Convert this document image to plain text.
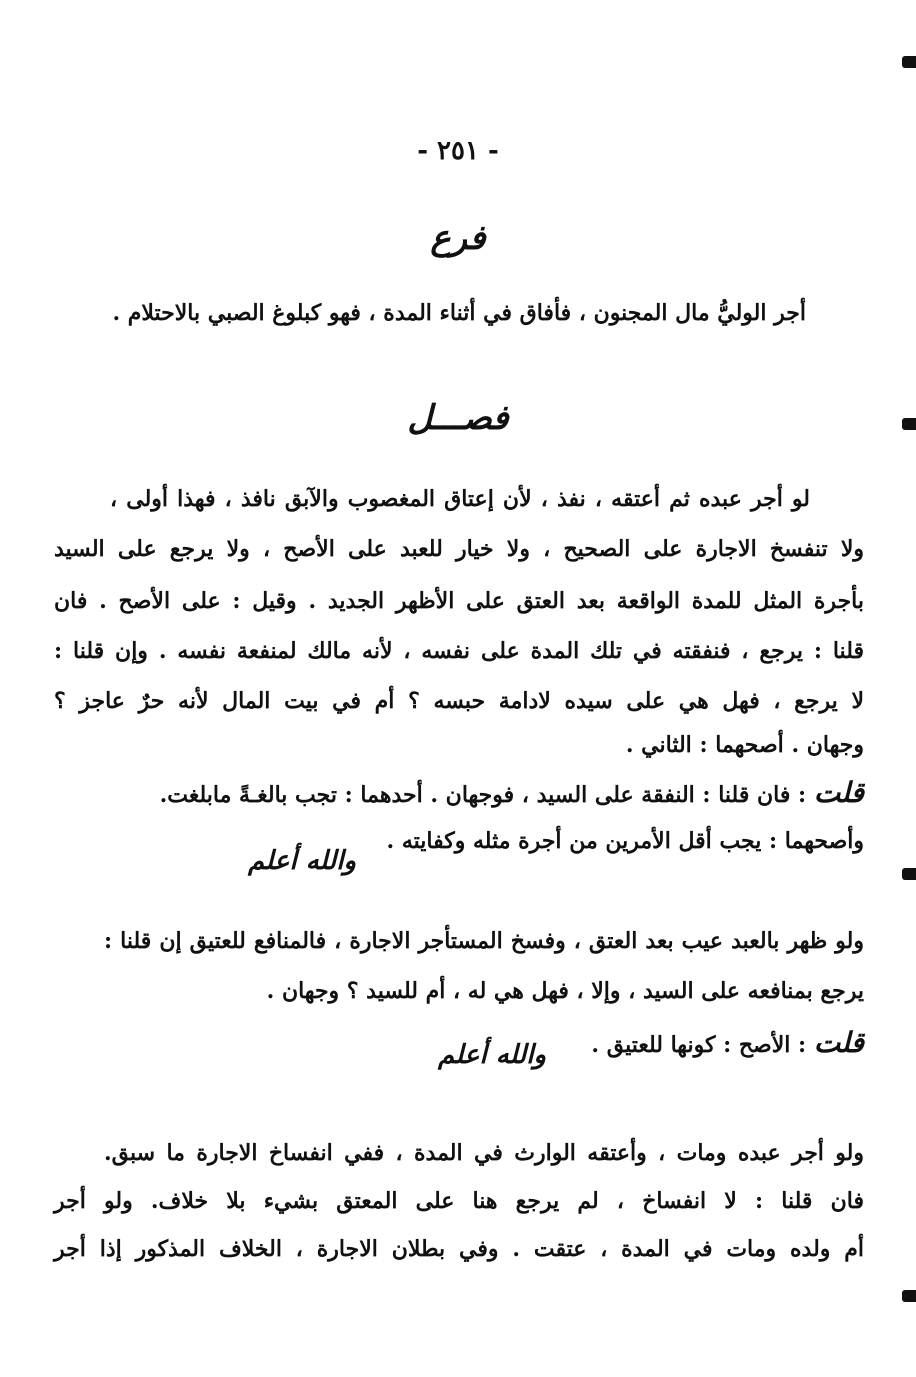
- ٢٥١ -
فرع
أجر الوليُّ مال المجنون ، فأفاق في أثناء المدة ، فهو كبلوغ الصبي بالاحتلام .
فصـــل
لو أجر عبده ثم أعتقه ، نفذ ، لأن إعتاق المغصوب والآبق نافذ ، فهذا أولى ،
ولا تنفسخ الاجارة على الصحيح ، ولا خيار للعبد على الأصح ، ولا يرجع على السيد
بأجرة المثل للمدة الواقعة بعد العتق على الأظهر الجديد . وقيل : على الأصح . فان
قلنا : يرجع ، فنفقته في تلك المدة على نفسه ، لأنه مالك لمنفعة نفسه . وإن قلنا :
لا يرجع ، فهل هي على سيده لادامة حبسه ؟ أم في بيت المال لأنه حرٌ عاجز ؟
وجهان . أصحهما : الثاني .
قلت : فان قلنا : النفقة على السيد ، فوجهان . أحدهما : تجب بالغـةً مابلغت.
وأصحهما : يجب أقل الأمرين من أجرة مثله وكفايته .
والله أعلم
ولو ظهر بالعبد عيب بعد العتق ، وفسخ المستأجر الاجارة ، فالمنافع للعتيق إن قلنا :
يرجع بمنافعه على السيد ، وإلا ، فهل هي له ، أم للسيد ؟ وجهان .
قلت : الأصح : كونها للعتيق .
والله أعلم
ولو أجر عبده ومات ، وأعتقه الوارث في المدة ، ففي انفساخ الاجارة ما سبق.
فان قلنا : لا انفساخ ، لم يرجع هنا على المعتق بشيء بلا خلاف. ولو أجر
أم ولده ومات في المدة ، عتقت . وفي بطلان الاجارة ، الخلاف المذكور إذا أجر
